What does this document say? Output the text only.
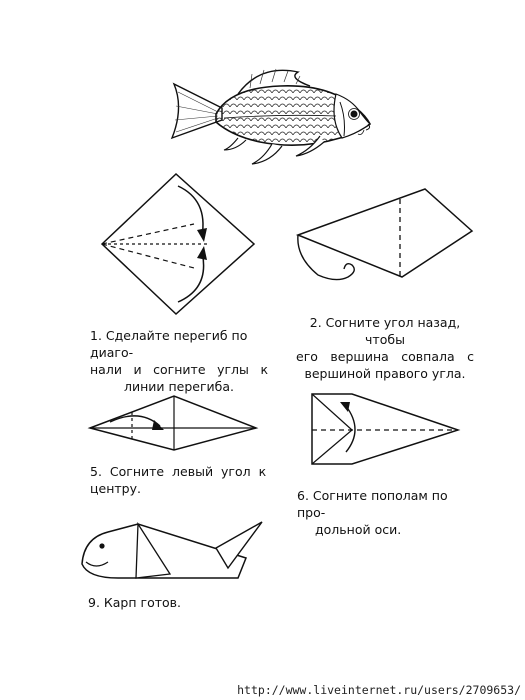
1. Сделайте перегиб по диаго-
нали и согните углы к
линии перегиба.
2. Согните угол назад, чтобы
его вершина совпала с
вершиной правого угла.
5.  Согните  левый  угол  к
центру.	6. Согните пополам по про-
дольной оси.
9. Карп готов.
http://www.liveinternet.ru/users/2709653/
